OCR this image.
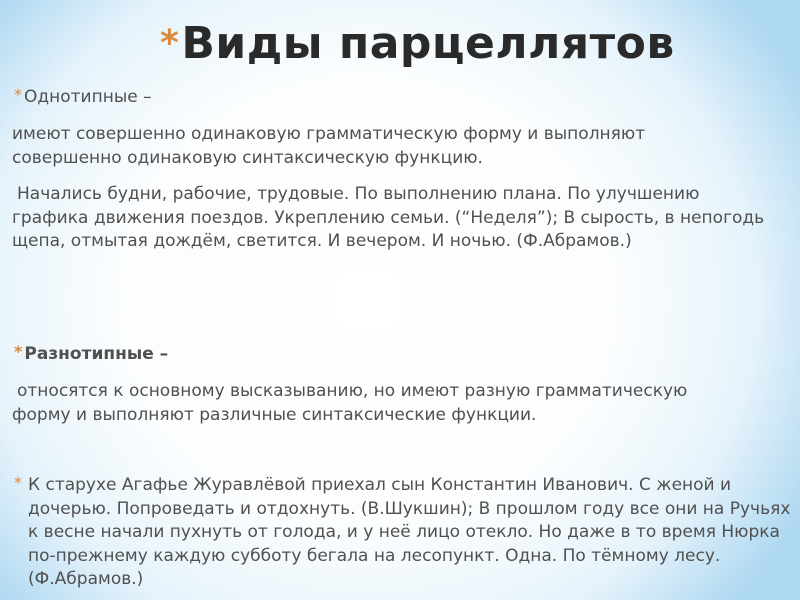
*Виды парцеллятов

* Однотипные –

имеют совершенно одинаковую грамматическую форму и выполняют совершенно одинаковую синтаксическую функцию.

Начались будни, рабочие, трудовые. По выполнению плана. По улучшению графика движения поездов. Укреплению семьи. (“Неделя”); В сырость, в непогодь щепа, отмытая дождём, светится. И вечером. И ночью. (Ф.Абрамов.)

* Разнотипные –

относятся к основному высказыванию, но имеют разную грамматическую форму и выполняют различные синтаксические функции.

* К старухе Агафье Журавлёвой приехал сын Константин Иванович. С женой и дочерью. Попроведать и отдохнуть. (В.Шукшин); В прошлом году все они на Ручьях к весне начали пухнуть от голода, и у неё лицо отекло. Но даже в то время Нюрка по-прежнему каждую субботу бегала на лесопункт. Одна. По тёмному лесу. (Ф.Абрамов.)
